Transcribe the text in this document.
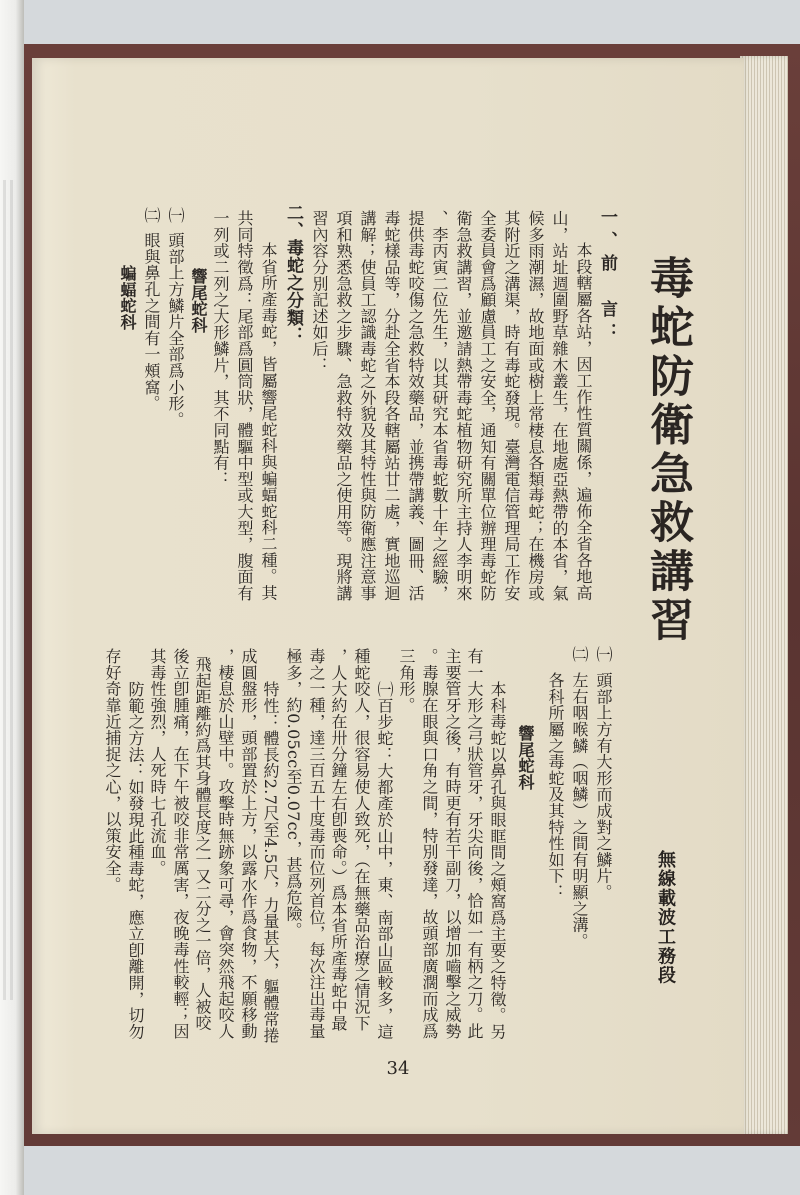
毒蛇防衛急救講習
一、前　言：
本段轄屬各站，因工作性質關係，遍佈全省各地高
山，站址週圍野草雜木叢生，在地處亞熱帶的本省，氣
候多雨潮濕，故地面或樹上常棲息各類毒蛇；在機房或
其附近之溝渠，時有毒蛇發現。臺灣電信管理局工作安
全委員會爲顧慮員工之安全，通知有關單位辦理毒蛇防
衛急救講習，並邀請熱帶毒蛇植物研究所主持人李明來
、李丙寅二位先生，以其研究本省毒蛇數十年之經驗，
提供毒蛇咬傷之急救特效藥品，並携帶講義、圖冊、活
毒蛇樣品等，分赴全省本段各轄屬站廿二處，實地巡迴
講解；使員工認識毒蛇之外貌及其特性與防衛應注意事
項和熟悉急救之步驟、急救特效藥品之使用等。現將講
習內容分別記述如后：
二、毒蛇之分類：
本省所產毒蛇，皆屬響尾蛇科與蝙蝠蛇科二種。其
共同特徵爲：尾部爲圓筒狀，體驅中型或大型，腹面有
一列或二列之大形鱗片，其不同點有：
響尾蛇科
㈠
頭部上方鱗片全部爲小形。
㈡
眼與鼻孔之間有一頰窩。
蝙蝠蛇科
無線載波工務段
㈠
頭部上方有大形而成對之鱗片。
㈡
左右咽喉鱗（咽鱗）之間有明顯之溝。
各科所屬之毒蛇及其特性如下：
響尾蛇科
本科毒蛇以鼻孔與眼眶間之頰窩爲主要之特徵。另
有一大形之弓狀管牙，牙尖向後，恰如一有柄之刀。此
主要管牙之後，有時更有若干副刀，以增加嚙擊之威勢
。毒腺在眼與口角之間，特別發達，故頭部廣濶而成爲
三角形。
㈠百步蛇：大都產於山中，東、南部山區較多，這
種蛇咬人，很容易使人致死，（在無藥品治療之情況下
，人大約在卅分鐘左右卽喪命。）爲本省所產毒蛇中最
毒之一種，達三百五十度毒而位列首位，每次注出毒量
極多，約0.05cc至0.07cc，甚爲危險。
特性：體長約2.7尺至4.5尺，力量甚大，軀體常捲
成圓盤形，頭部置於上方，以露水作爲食物，不願移動
，棲息於山壁中。攻擊時無跡象可尋，會突然飛起咬人
飛起距離約爲其身體長度之一又二分之一倍，人被咬
後立卽腫痛，在下午被咬非常厲害，夜晚毒性較輕；因
其毒性強烈，人死時七孔流血。
防範之方法：如發現此種毒蛇，應立卽離開，切勿
存好奇靠近捕捉之心，以策安全。
34
